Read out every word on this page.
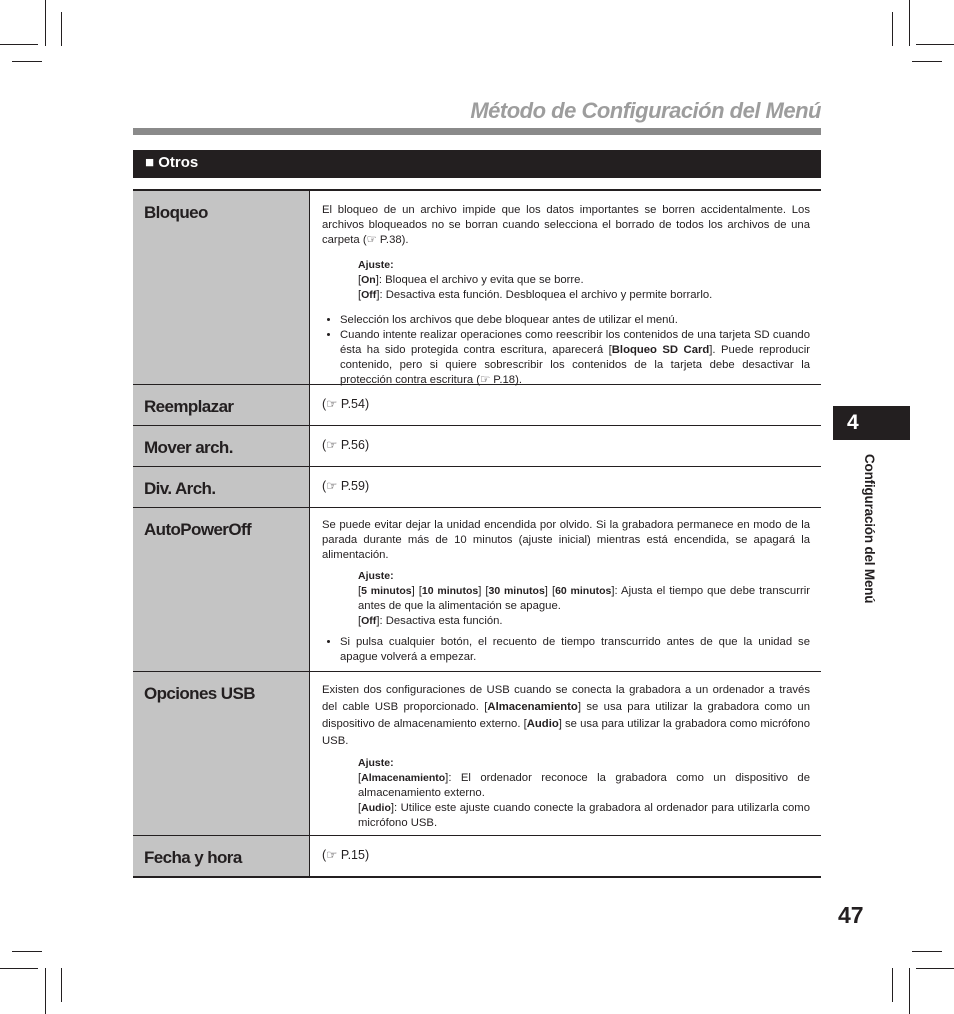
Método de Configuración del Menú
■ Otros
Bloqueo	El bloqueo de un archivo impide que los datos importantes se borren accidentalmente. Los archivos bloqueados no se borran cuando selecciona el borrado de todos los archivos de una carpeta (☞ P.38).
Ajuste:
[On]: Bloquea el archivo y evita que se borre.
[Off]: Desactiva esta función. Desbloquea el archivo y permite borrarlo.
• Selección los archivos que debe bloquear antes de utilizar el menú.
• Cuando intente realizar operaciones como reescribir los contenidos de una tarjeta SD cuando ésta ha sido protegida contra escritura, aparecerá [Bloqueo SD Card]. Puede reproducir contenido, pero si quiere sobrescribir los contenidos de la tarjeta debe desactivar la protección contra escritura (☞ P.18).
Reemplazar	(☞ P.54)
Mover arch.	(☞ P.56)
Div. Arch.	(☞ P.59)
AutoPowerOff	Se puede evitar dejar la unidad encendida por olvido. Si la grabadora permanece en modo de la parada durante más de 10 minutos (ajuste inicial) mientras está encendida, se apagará la alimentación.
Ajuste:
[5 minutos] [10 minutos] [30 minutos] [60 minutos]: Ajusta el tiempo que debe transcurrir antes de que la alimentación se apague.
[Off]: Desactiva esta función.
• Si pulsa cualquier botón, el recuento de tiempo transcurrido antes de que la unidad se apague volverá a empezar.
Opciones USB	Existen dos configuraciones de USB cuando se conecta la grabadora a un ordenador a través del cable USB proporcionado. [Almacenamiento] se usa para utilizar la grabadora como un dispositivo de almacenamiento externo. [Audio] se usa para utilizar la grabadora como micrófono USB.
Ajuste:
[Almacenamiento]: El ordenador reconoce la grabadora como un dispositivo de almacenamiento externo.
[Audio]: Utilice este ajuste cuando conecte la grabadora al ordenador para utilizarla como micrófono USB.
Fecha y hora	(☞ P.15)
4
Configuración del Menú
47
